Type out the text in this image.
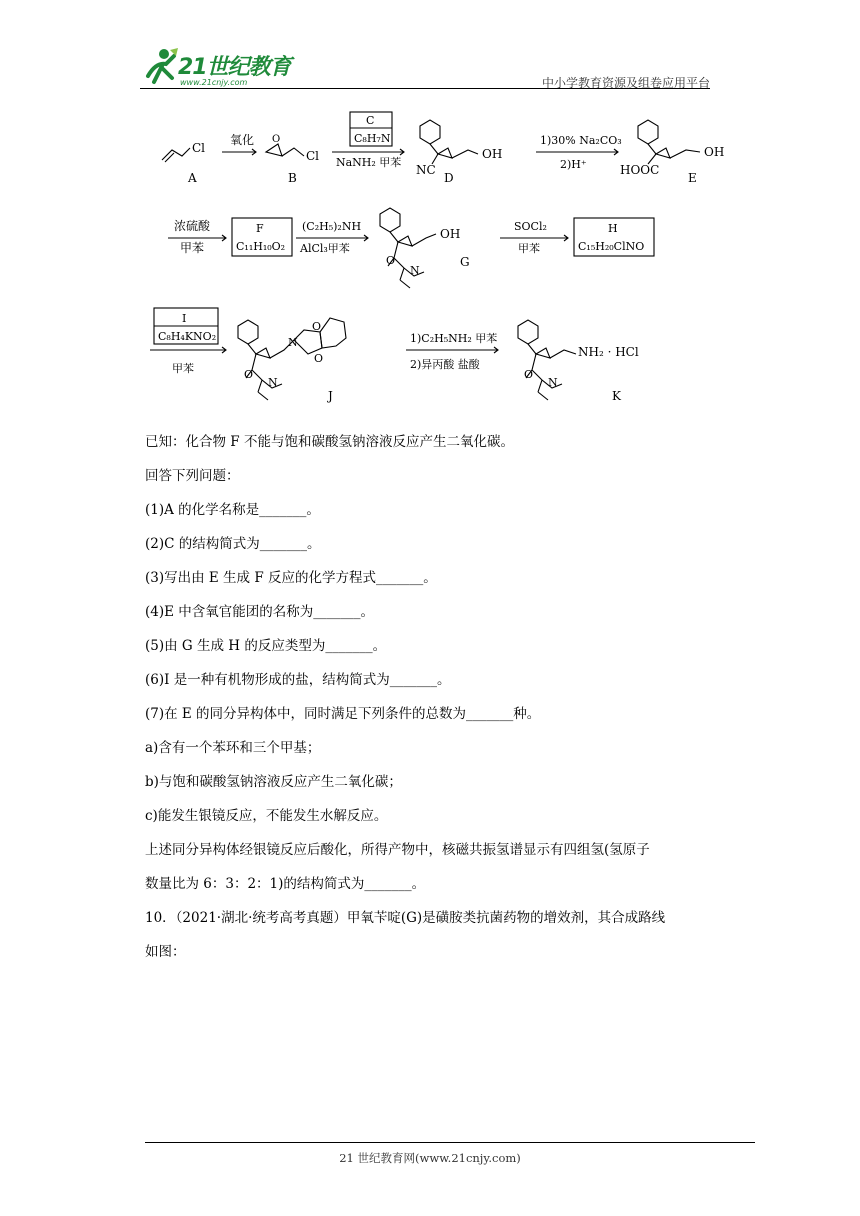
21世纪教育
www.21cnjy.com	中小学教育资源及组卷应用平台
A
Cl
氧化 O
Cl
B
C
C₈H₇N
NaNH₂ 甲苯
OH
NC
D
1)30% Na₂CO₃
2)H⁺
OH
HOOC
E
浓硫酸
甲苯
F
C₁₁H₁₀O₂
(C₂H₅)₂NH
AlCl₃甲苯
OH
O
N
G
SOCl₂
甲苯
H
C₁₅H₂₀ClNO
I
C₈H₄KNO₂
甲苯
N
O
O
O
N
J
1)C₂H₅NH₂ 甲苯
2)异丙酸 盐酸
NH₂ · HCl
O
N
K
已知：化合物 F 不能与饱和碳酸氢钠溶液反应产生二氧化碳。
回答下列问题：
(1)A 的化学名称是_______。
(2)C 的结构简式为_______。
(3)写出由 E 生成 F 反应的化学方程式_______。
(4)E 中含氧官能团的名称为_______。
(5)由 G 生成 H 的反应类型为_______。
(6)I 是一种有机物形成的盐，结构简式为_______。
(7)在 E 的同分异构体中，同时满足下列条件的总数为_______种。
a)含有一个苯环和三个甲基；
b)与饱和碳酸氢钠溶液反应产生二氧化碳；
c)能发生银镜反应，不能发生水解反应。
上述同分异构体经银镜反应后酸化，所得产物中，核磁共振氢谱显示有四组氢(氢原子
数量比为 6：3：2：1)的结构简式为_______。
10．（2021·湖北·统考高考真题）甲氧苄啶(G)是磺胺类抗菌药物的增效剂，其合成路线
如图：
21 世纪教育网(www.21cnjy.com)
